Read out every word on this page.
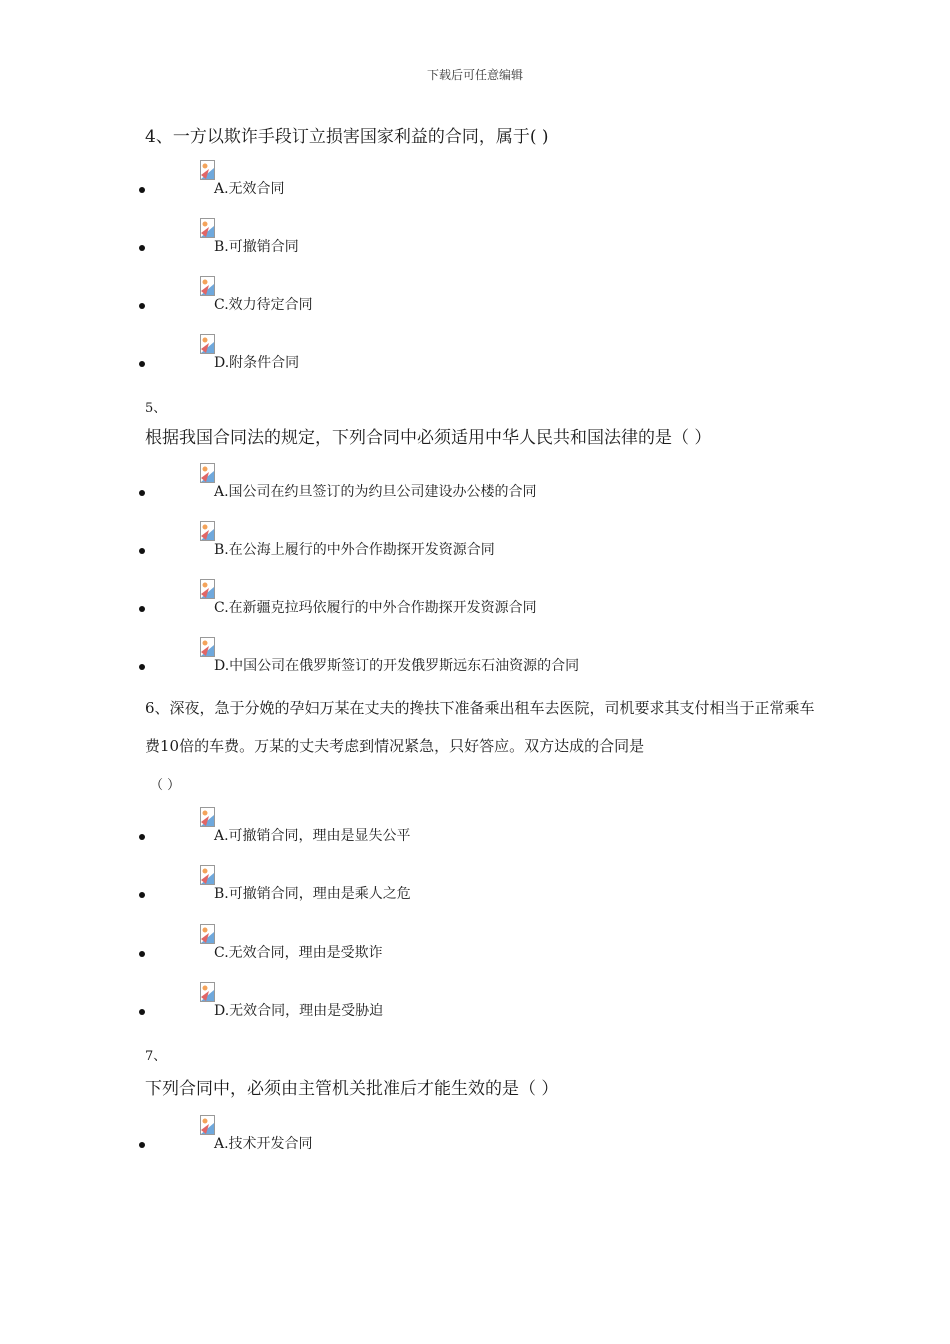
下载后可任意编辑
4、一方以欺诈手段订立损害国家利益的合同，属于( )
A.无效合同
B.可撤销合同
C.效力待定合同
D.附条件合同
5、
根据我国合同法的规定，下列合同中必须适用中华人民共和国法律的是（ ）
A.国公司在约旦签订的为约旦公司建设办公楼的合同
B.在公海上履行的中外合作勘探开发资源合同
C.在新疆克拉玛依履行的中外合作勘探开发资源合同
D.中国公司在俄罗斯签订的开发俄罗斯远东石油资源的合同
6、深夜，急于分娩的孕妇万某在丈夫的搀扶下准备乘出租车去医院，司机要求其支付相当于正常乘车费10倍的车费。万某的丈夫考虑到情况紧急，只好答应。双方达成的合同是
（ ）
A.可撤销合同，理由是显失公平
B.可撤销合同，理由是乘人之危
C.无效合同，理由是受欺诈
D.无效合同，理由是受胁迫
7、
下列合同中，必须由主管机关批准后才能生效的是（ ）
A.技术开发合同
